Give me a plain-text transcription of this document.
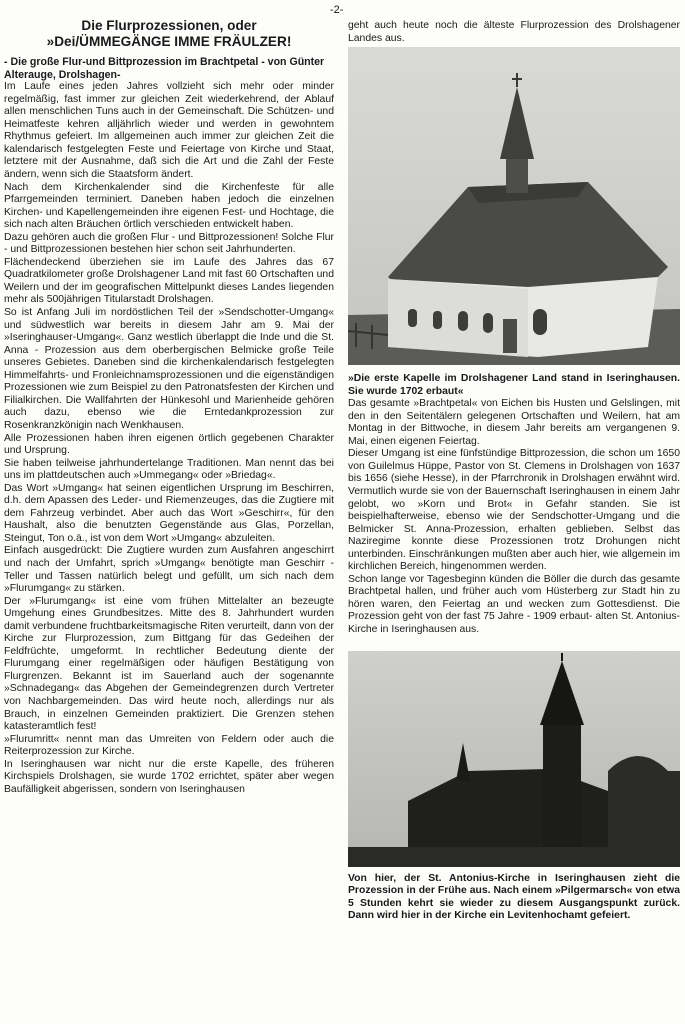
-2-
Die Flurprozessionen, oder
»Dei/ÜMMEGÄNGE IMME FRÄULZER!
- Die große Flur-und Bittprozession im Brachtpetal - von Günter Alterauge, Drolshagen-

Im Laufe eines jeden Jahres vollzieht sich mehr oder minder regelmäßig, fast immer zur gleichen Zeit wiederkehrend, der Ablauf allen menschlichen Tuns auch in der Gemeinschaft. Die Schützen- und Heimatfeste kehren alljährlich wieder und werden in gewohntem Rhythmus gefeiert. Im allgemeinen auch immer zur gleichen Zeit die kalendarisch festgelegten Feste und Feiertage von Kirche und Staat, letztere mit der Ausnahme, daß sich die Art und die Zahl der Feste ändern, wenn sich die Staatsform ändert.

Nach dem Kirchenkalender sind die Kirchenfeste für alle Pfarrgemeinden terminiert. Daneben haben jedoch die einzelnen Kirchen- und Kapellengemeinden ihre eigenen Fest- und Hochtage, die sich nach alten Bräuchen örtlich verschieden entwickelt haben.

Dazu gehören auch die großen Flur - und Bittprozessionen! Solche Flur - und Bittprozessionen bestehen hier schon seit Jahrhunderten.

Flächendeckend überziehen sie im Laufe des Jahres das 67 Quadratkilometer große Drolshagener Land mit fast 60 Ortschaften und Weilern und der im geografischen Mittelpunkt dieses Landes liegenden mehr als 500jährigen Titularstadt Drolshagen.

So ist Anfang Juli im nordöstlichen Teil der »Sendschotter-Umgang« und südwestlich war bereits in diesem Jahr am 9. Mai der »Iseringhauser-Umgang«. Ganz westlich überlappt die Inde und die St. Anna - Prozession aus dem oberbergischen Belmicke große Teile unseres Gebietes. Daneben sind die kirchenkalendarisch festgelegten Himmelfahrts- und Fronleichnamsprozessionen und die eigenständigen Prozessionen wie zum Beispiel zu den Patronatsfesten der Kirchen und Filialkirchen. Die Wallfahrten der Hünkesohl und Marienheide gehören auch dazu, ebenso wie die Erntedankprozession zur Rosenkranzkönigin nach Wenkhausen.

Alle Prozessionen haben ihren eigenen örtlich gegebenen Charakter und Ursprung.

Sie haben teilweise jahrhundertelange Traditionen. Man nennt das bei uns im plattdeutschen auch »Ummegang« oder »Briedag«.

Das Wort »Umgang« hat seinen eigentlichen Ursprung im Beschirren, d.h. dem Apassen des Leder- und Riemenzeuges, das die Zugtiere mit dem Fahrzeug verbindet. Aber auch das Wort »Geschirr«, für den Haushalt, also die benutzten Gegenstände aus Glas, Porzellan, Steingut, Ton o.ä., ist von dem Wort »Umgang« abzuleiten.

Einfach ausgedrückt: Die Zugtiere wurden zum Ausfahren angeschirrt und nach der Umfahrt, sprich »Umgang« benötigte man Geschirr - Teller und Tassen natürlich belegt und gefüllt, um sich nach dem »Flurumgang« zu stärken.

Der »Flurumgang« ist eine vom frühen Mittelalter an bezeugte Umgehung eines Grundbesitzes. Mitte des 8. Jahrhundert wurden damit verbundene fruchtbarkeitsmagische Riten verurteilt, dann von der Kirche zur Flurprozession, zum Bittgang für das Gedeihen der Feldfrüchte, umgeformt. In rechtlicher Bedeutung diente der Flurumgang einer regelmäßigen oder häufigen Bestätigung von Flurgrenzen. Bekannt ist im Sauerland auch der sogenannte »Schnadegang« das Abgehen der Gemeindegrenzen durch Vertreter von Nachbargemeinden. Das wird heute noch, allerdings nur als Brauch, in einzelnen Gemeinden praktiziert. Die Grenzen stehen katasteramtlich fest!

»Flurumritt« nennt man das Umreiten von Feldern oder auch die Reiterprozession zur Kirche.

In Iseringhausen war nicht nur die erste Kapelle, des früheren Kirchspiels Drolshagen, sie wurde 1702 errichtet, später aber wegen Baufälligkeit abgerissen, sondern von Iseringhausen

geht auch heute noch die älteste Flurprozession des Drolshagener Landes aus.

»Die erste Kapelle im Drolshagener Land stand in Iseringhausen. Sie wurde 1702 erbaut«

Das gesamte »Brachtpetal« von Eichen bis Husten und Gelslingen, mit den in den Seitentälern gelegenen Ortschaften und Weilern, hat am Montag in der Bittwoche, in diesem Jahr bereits am vergangenen 9. Mai, einen eigenen Feiertag.

Dieser Umgang ist eine fünfstündige Bittprozession, die schon um 1650 von Guilelmus Hüppe, Pastor von St. Clemens in Drolshagen von 1637 bis 1656 (siehe Hesse), in der Pfarrchronik in Drolshagen erwähnt wird. Vermutlich wurde sie von der Bauernschaft Iseringhausen in einem Jahr gelobt, wo »Korn und Brot« in Gefahr standen. Sie ist beispielhafterweise, ebenso wie der Sendschotter-Umgang und die Belmicker St. Anna-Prozession, erhalten geblieben. Selbst das Naziregime konnte diese Prozessionen trotz Drohungen nicht unterbinden. Einschränkungen mußten aber auch hier, wie allgemein im kirchlichen Bereich, hingenommen werden.

Schon lange vor Tagesbeginn künden die Böller die durch das gesamte Brachtpetal hallen, und früher auch vom Hüsterberg zur Stadt hin zu hören waren, den Feiertag an und wecken zum Gottesdienst. Die Prozession geht von der fast 75 Jahre - 1909 erbaut- alten St. Antonius-Kirche in Iseringhausen aus.

Von hier, der St. Antonius-Kirche in Iseringhausen zieht die Prozession in der Frühe aus. Nach einem »Pilgermarsch« von etwa 5 Stunden kehrt sie wieder zu diesem Ausgangspunkt zurück. Dann wird hier in der Kirche ein Levitenhochamt gefeiert.
